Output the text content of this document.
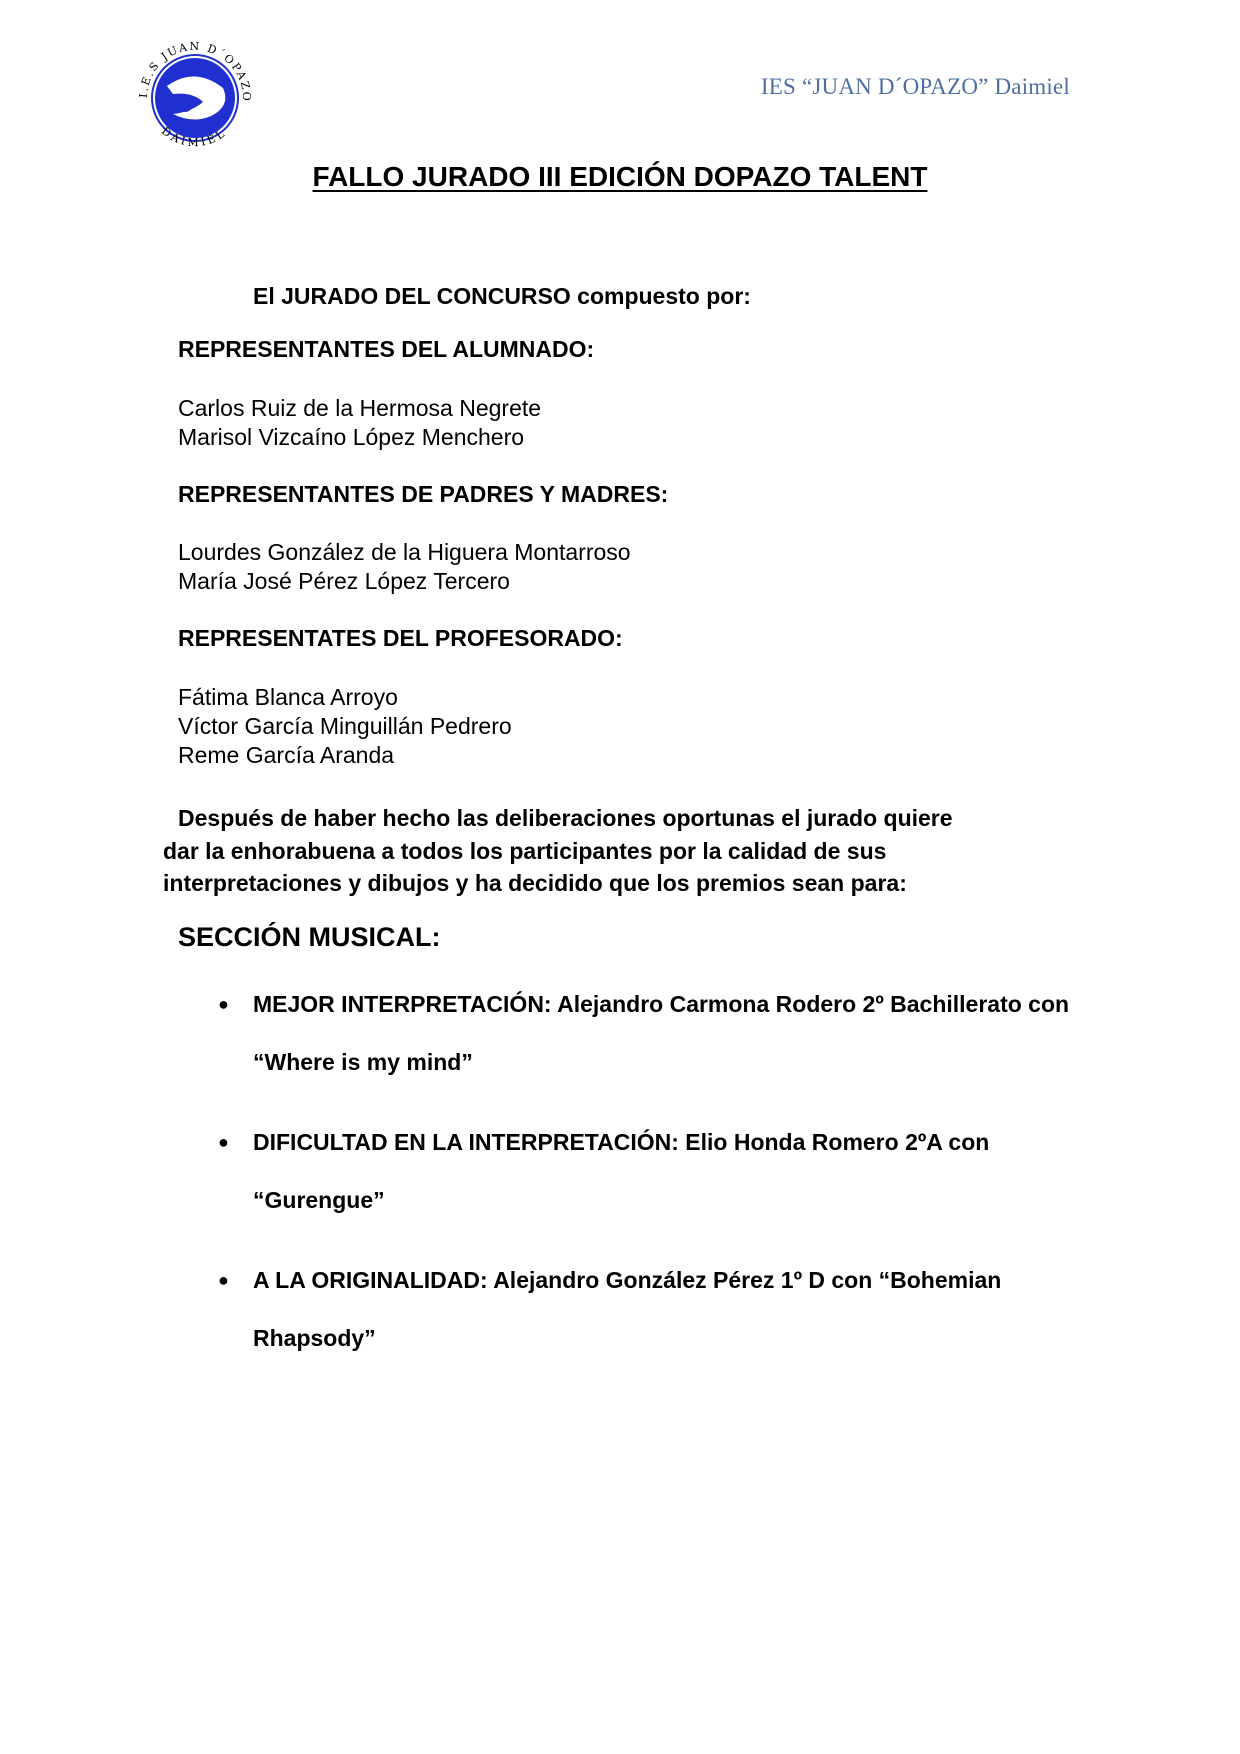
I.E.S JUAN D´OPAZO
DAIMIEL
IES “JUAN D´OPAZO” Daimiel
FALLO JURADO III EDICIÓN DOPAZO TALENT
El JURADO DEL CONCURSO compuesto por:
REPRESENTANTES DEL ALUMNADO:
Carlos Ruiz de la Hermosa Negrete
Marisol Vizcaíno López Menchero
REPRESENTANTES DE PADRES Y MADRES:
Lourdes González de la Higuera Montarroso
María José Pérez López Tercero
REPRESENTATES DEL PROFESORADO:
Fátima Blanca Arroyo
Víctor García Minguillán Pedrero
Reme García Aranda
Después de haber hecho las deliberaciones oportunas el jurado quiere
dar la enhorabuena a todos los participantes por la calidad de sus
interpretaciones y dibujos y ha decidido que los premios sean para:
SECCIÓN MUSICAL:
● MEJOR INTERPRETACIÓN: Alejandro Carmona Rodero 2º Bachillerato con “Where is my mind”
● DIFICULTAD EN LA INTERPRETACIÓN: Elio Honda Romero 2ºA con “Gurengue”
● A LA ORIGINALIDAD: Alejandro González Pérez 1º D con “Bohemian Rhapsody”
